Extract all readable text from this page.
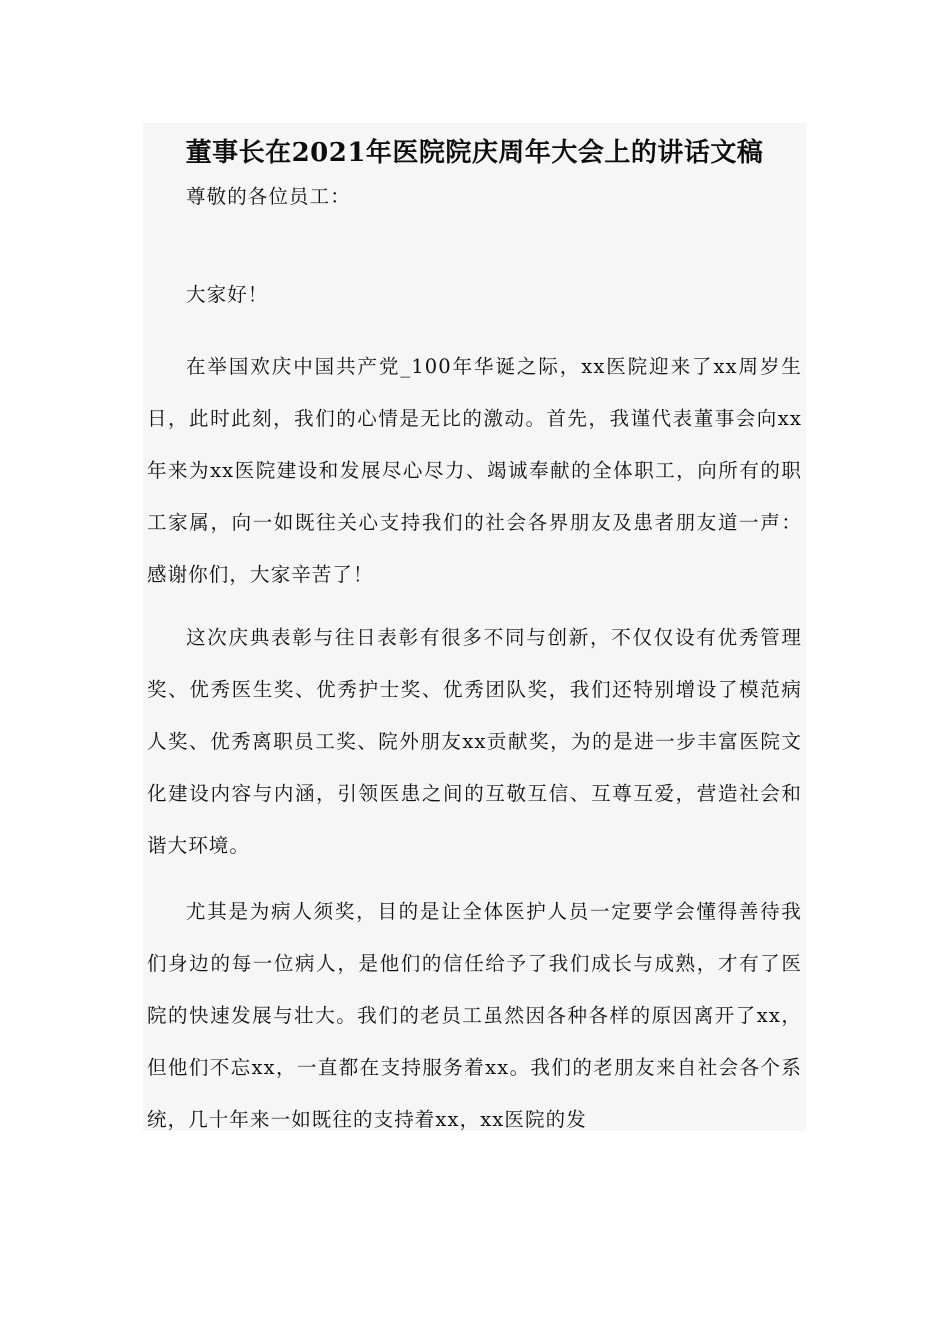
董事长在2021年医院院庆周年大会上的讲话文稿

尊敬的各位员工：

大家好！

在举国欢庆中国共产党_100年华诞之际，xx医院迎来了xx周岁生日，此时此刻，我们的心情是无比的激动。首先，我谨代表董事会向xx年来为xx医院建设和发展尽心尽力、竭诚奉献的全体职工，向所有的职工家属，向一如既往关心支持我们的社会各界朋友及患者朋友道一声：感谢你们，大家辛苦了！

这次庆典表彰与往日表彰有很多不同与创新，不仅仅设有优秀管理奖、优秀医生奖、优秀护士奖、优秀团队奖，我们还特别增设了模范病人奖、优秀离职员工奖、院外朋友xx贡献奖，为的是进一步丰富医院文化建设内容与内涵，引领医患之间的互敬互信、互尊互爱，营造社会和谐大环境。

尤其是为病人须奖，目的是让全体医护人员一定要学会懂得善待我们身边的每一位病人，是他们的信任给予了我们成长与成熟，才有了医院的快速发展与壮大。我们的老员工虽然因各种各样的原因离开了xx，但他们不忘xx，一直都在支持服务着xx。我们的老朋友来自社会各个系统，几十年来一如既往的支持着xx，xx医院的发
